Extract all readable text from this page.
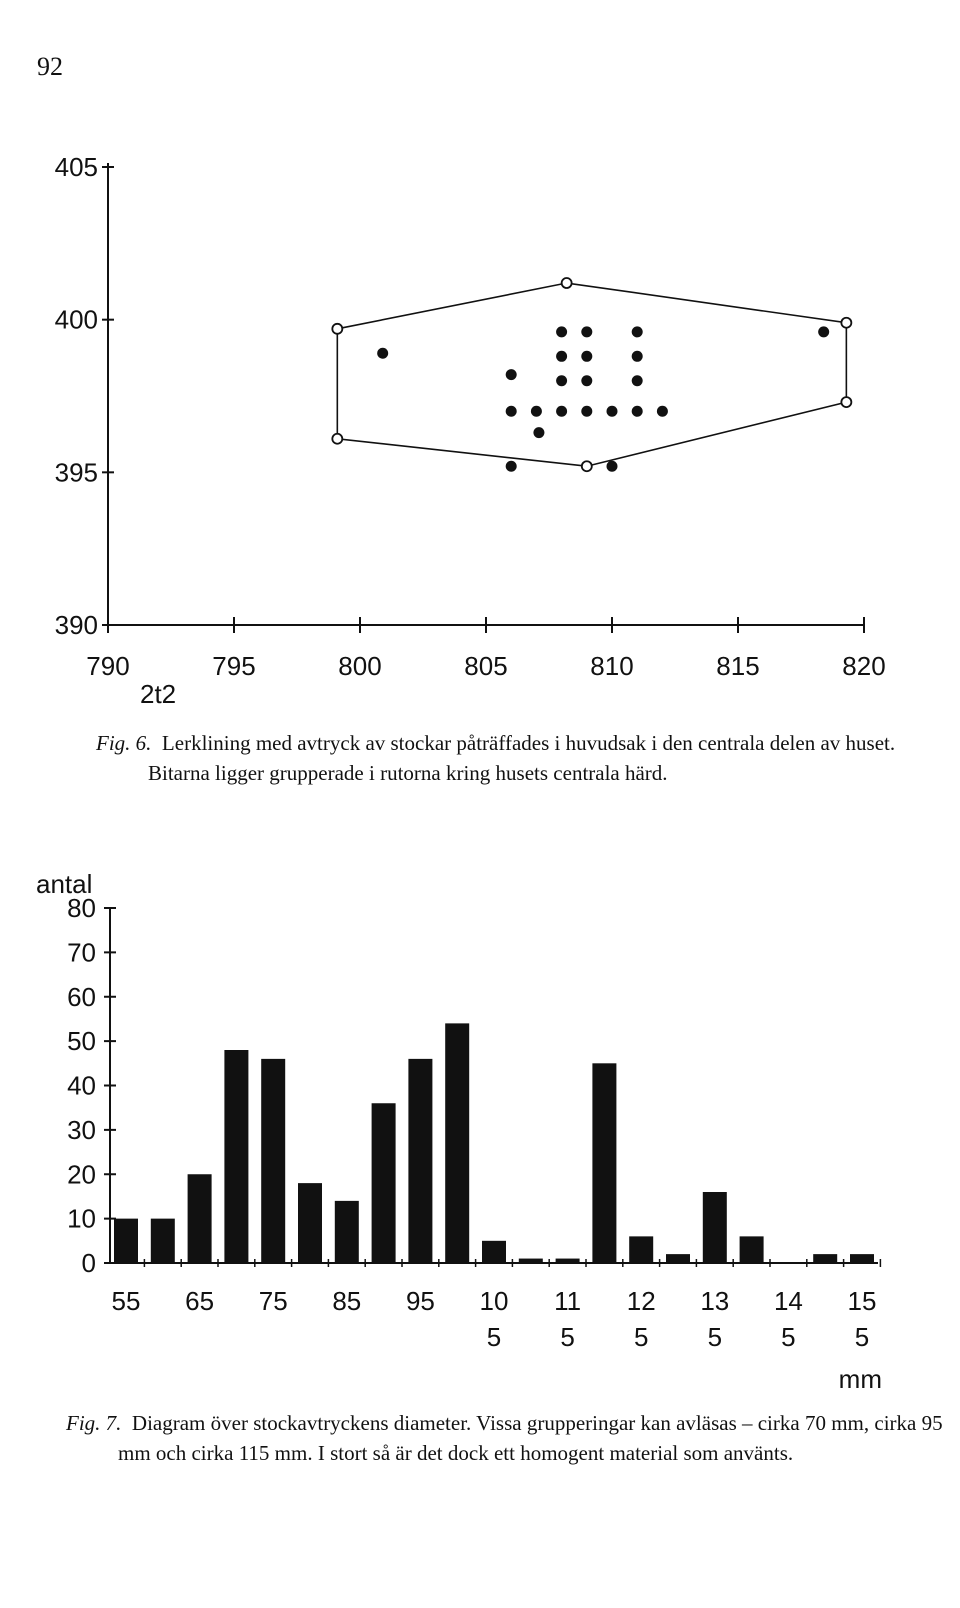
92
405
400
395
390
790	795	800	805	810	815	820
2t2
Fig. 6. Lerklining med avtryck av stockar påträffades i huvudsak i den centrala delen av huset. Bitarna ligger grupperade i rutorna kring husets centrala härd.
antal
80
70
60
50
40
30
20
10
0
55 65 75 85 95 10
5
11
5
12
5
13
5
14
5
15
5
mm
Fig. 7. Diagram över stockavtryckens diameter. Vissa grupperingar kan avläsas – cirka 70 mm, cirka 95 mm och cirka 115 mm. I stort så är det dock ett homogent material som använts.
